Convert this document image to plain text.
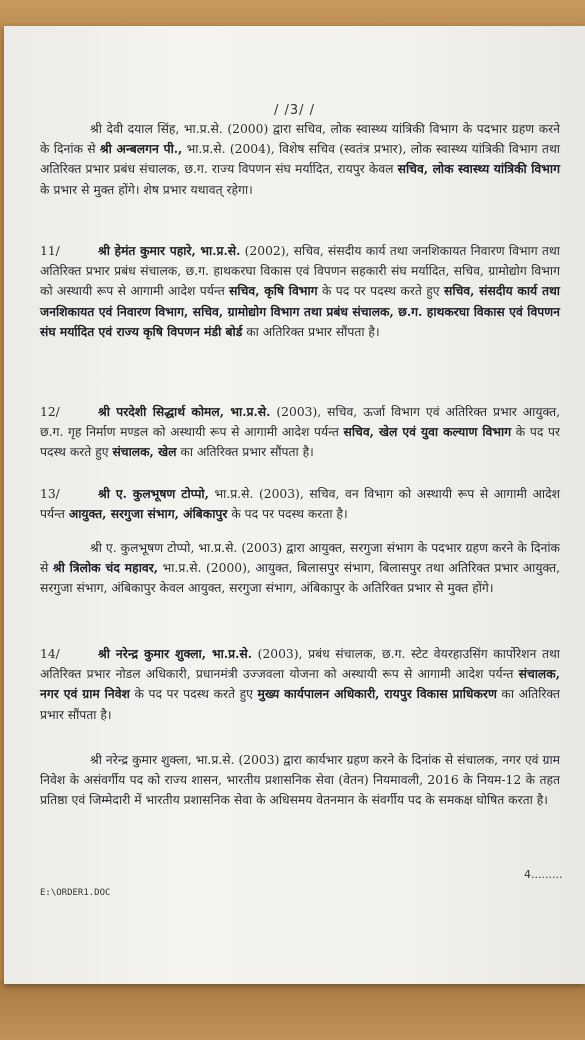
/ /3/ /

श्री देवी दयाल सिंह, भा.प्र.से. (2000) द्वारा सचिव, लोक स्वास्थ्य यांत्रिकी विभाग के पदभार ग्रहण करने के दिनांक से श्री अन्बलगन पी., भा.प्र.से. (2004), विशेष सचिव (स्वतंत्र प्रभार), लोक स्वास्थ्य यांत्रिकी विभाग तथा अतिरिक्त प्रभार प्रबंध संचालक, छ.ग. राज्य विपणन संघ मर्यादित, रायपुर केवल सचिव, लोक स्वास्थ्य यांत्रिकी विभाग के प्रभार से मुक्त होंगे। शेष प्रभार यथावत् रहेगा।

11/	श्री हेमंत कुमार पहारे, भा.प्र.से. (2002), सचिव, संसदीय कार्य तथा जनशिकायत निवारण विभाग तथा अतिरिक्त प्रभार प्रबंध संचालक, छ.ग. हाथकरघा विकास एवं विपणन सहकारी संघ मर्यादित, सचिव, ग्रामोद्योग विभाग को अस्थायी रूप से आगामी आदेश पर्यन्त सचिव, कृषि विभाग के पद पर पदस्थ करते हुए सचिव, संसदीय कार्य तथा जनशिकायत एवं निवारण विभाग, सचिव, ग्रामोद्योग विभाग तथा प्रबंध संचालक, छ.ग. हाथकरघा विकास एवं विपणन संघ मर्यादित एवं राज्य कृषि विपणन मंडी बोर्ड का अतिरिक्त प्रभार सौंपता है।

12/	श्री परदेशी सिद्धार्थ कोमल, भा.प्र.से. (2003), सचिव, ऊर्जा विभाग एवं अतिरिक्त प्रभार आयुक्त, छ.ग. गृह निर्माण मण्डल को अस्थायी रूप से आगामी आदेश पर्यन्त सचिव, खेल एवं युवा कल्याण विभाग के पद पर पदस्थ करते हुए संचालक, खेल का अतिरिक्त प्रभार सौंपता है।

13/	श्री ए. कुलभूषण टोप्पो, भा.प्र.से. (2003), सचिव, वन विभाग को अस्थायी रूप से आगामी आदेश पर्यन्त आयुक्त, सरगुजा संभाग, अंबिकापुर के पद पर पदस्थ करता है।

श्री ए. कुलभूषण टोप्पो, भा.प्र.से. (2003) द्वारा आयुक्त, सरगुजा संभाग के पदभार ग्रहण करने के दिनांक से श्री त्रिलोक चंद महावर, भा.प्र.से. (2000), आयुक्त, बिलासपुर संभाग, बिलासपुर तथा अतिरिक्त प्रभार आयुक्त, सरगुजा संभाग, अंबिकापुर केवल आयुक्त, सरगुजा संभाग, अंबिकापुर के अतिरिक्त प्रभार से मुक्त होंगे।

14/	श्री नरेन्द्र कुमार शुक्ला, भा.प्र.से. (2003), प्रबंध संचालक, छ.ग. स्टेट वेयरहाउसिंग कार्पोरेशन तथा अतिरिक्त प्रभार नोडल अधिकारी, प्रधानमंत्री उज्जवला योजना को अस्थायी रूप से आगामी आदेश पर्यन्त संचालक, नगर एवं ग्राम निवेश के पद पर पदस्थ करते हुए मुख्य कार्यपालन अधिकारी, रायपुर विकास प्राधिकरण का अतिरिक्त प्रभार सौंपता है।

श्री नरेन्द्र कुमार शुक्ला, भा.प्र.से. (2003) द्वारा कार्यभार ग्रहण करने के दिनांक से संचालक, नगर एवं ग्राम निवेश के असंवर्गीय पद को राज्य शासन, भारतीय प्रशासनिक सेवा (वेतन) नियमावली, 2016 के नियम-12 के तहत प्रतिष्ठा एवं जिम्मेदारी में भारतीय प्रशासनिक सेवा के अधिसमय वेतनमान के संवर्गीय पद के समकक्ष घोषित करता है।

4.........
E:\ORDER1.DOC
